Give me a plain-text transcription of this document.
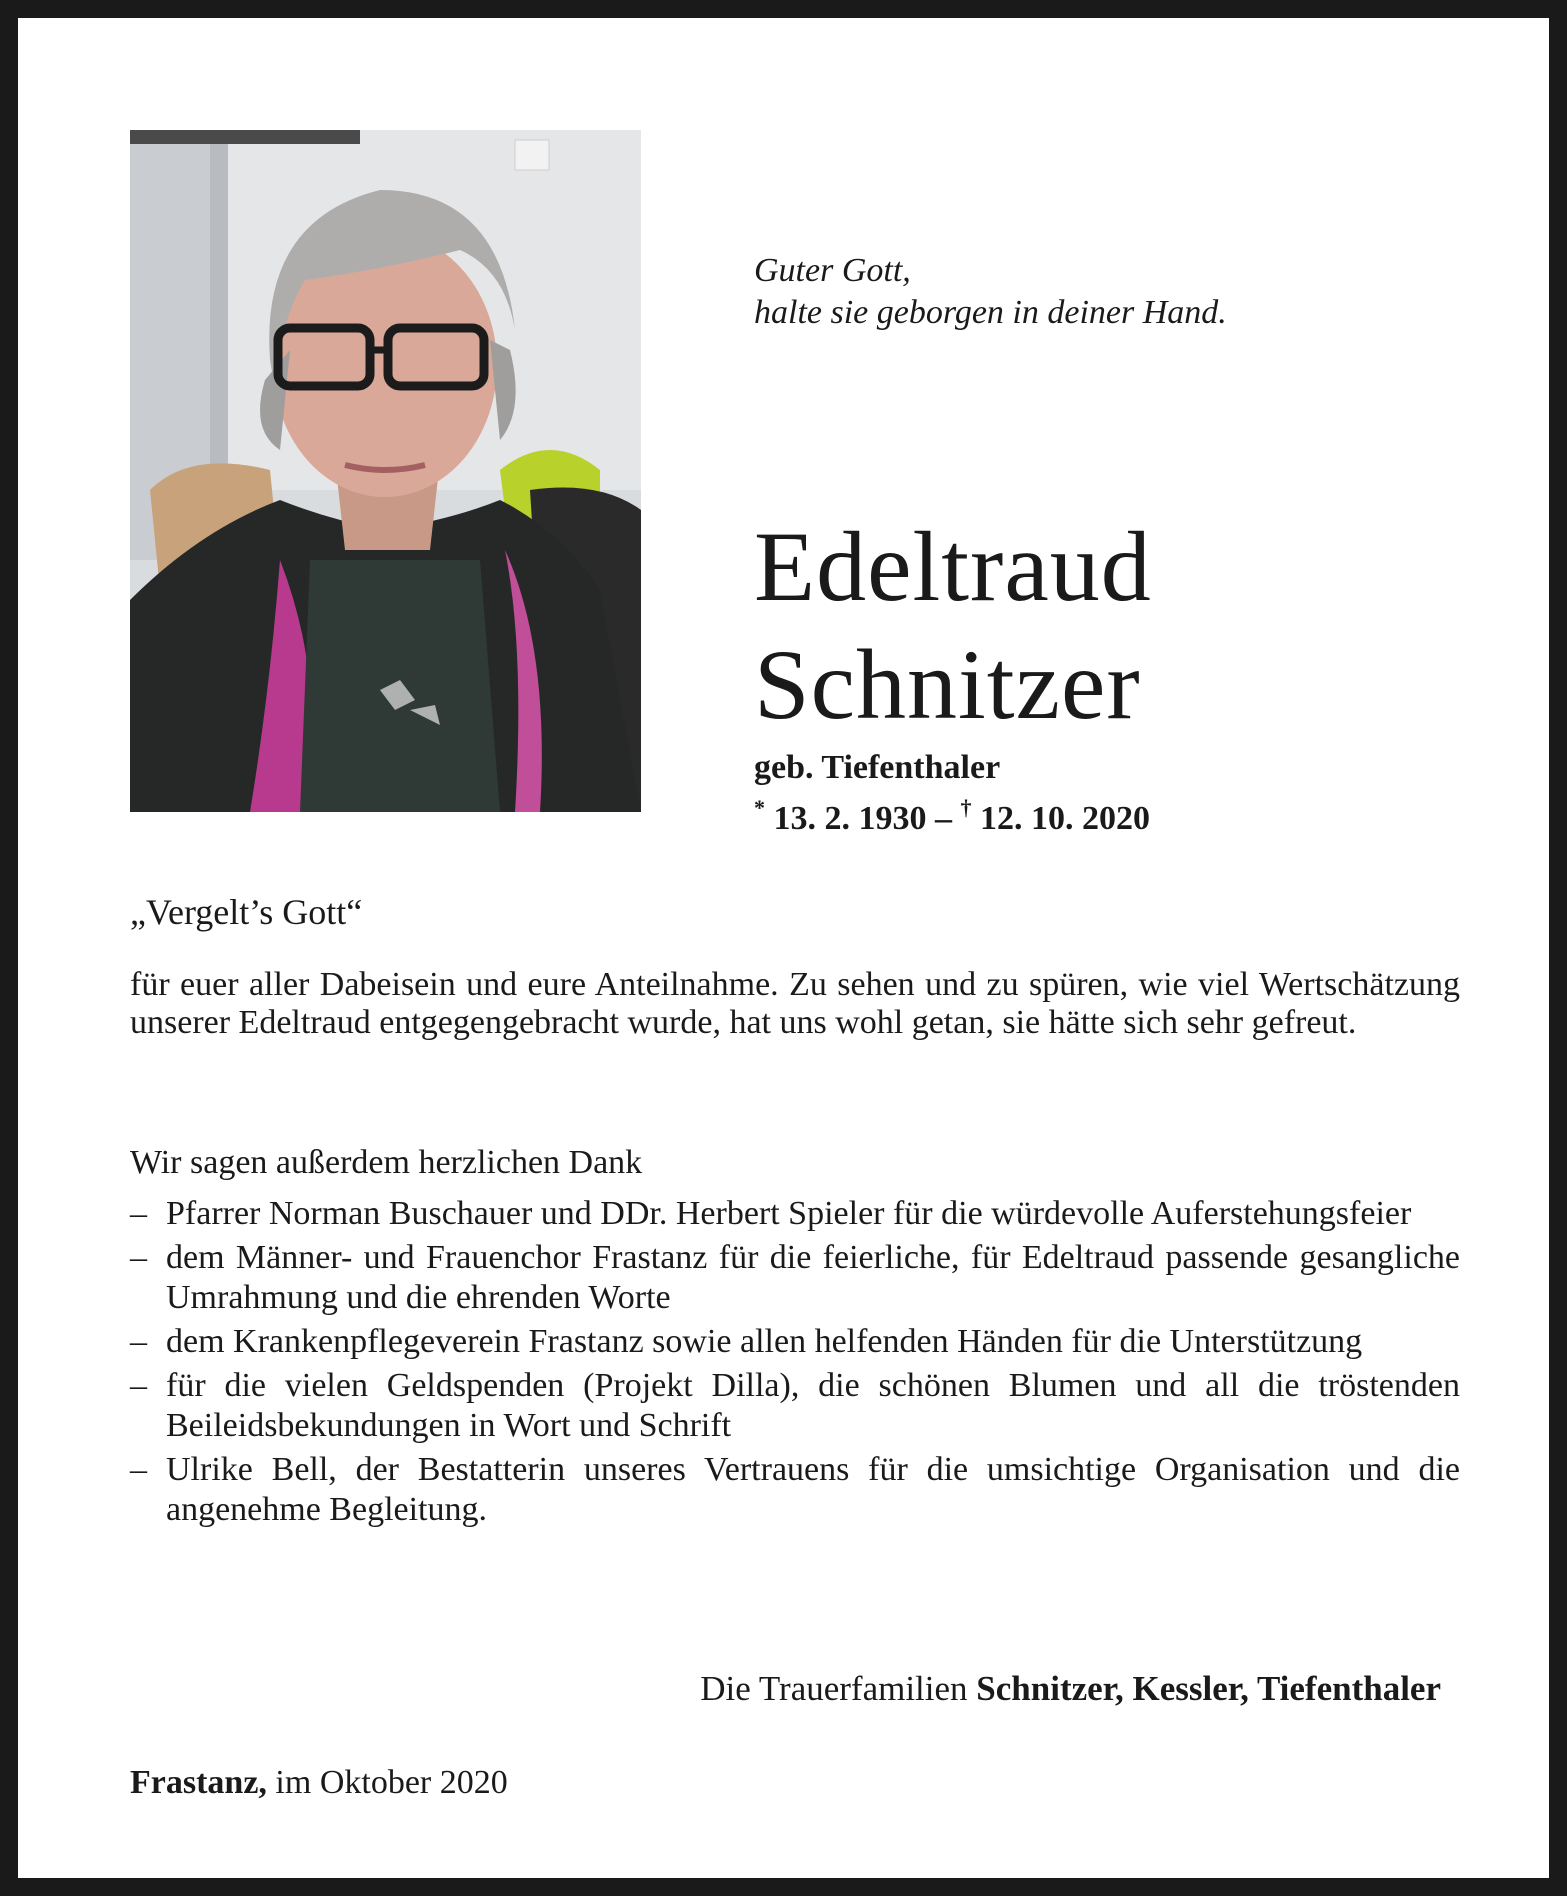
Guter Gott,
halte sie geborgen in deiner Hand.
Edeltraud
Schnitzer
geb. Tiefenthaler
* 13. 2. 1930 – † 12. 10. 2020
„Vergelt’s Gott“
für euer aller Dabeisein und eure Anteilnahme. Zu sehen und zu spüren, wie viel Wertschätzung unserer Edeltraud entgegengebracht wurde, hat uns wohl getan, sie hätte sich sehr gefreut.
Wir sagen außerdem herzlichen Dank
– Pfarrer Norman Buschauer und DDr. Herbert Spieler für die würdevolle Auferstehungsfeier
– dem Männer- und Frauenchor Frastanz für die feierliche, für Edeltraud passende gesangliche Umrahmung und die ehrenden Worte
– dem Krankenpflegeverein Frastanz sowie allen helfenden Händen für die Unterstützung
– für die vielen Geldspenden (Projekt Dilla), die schönen Blumen und all die tröstenden Beileidsbekundungen in Wort und Schrift
– Ulrike Bell, der Bestatterin unseres Vertrauens für die umsichtige Organisation und die angenehme Begleitung.
Die Trauerfamilien Schnitzer, Kessler, Tiefenthaler
Frastanz, im Oktober 2020
